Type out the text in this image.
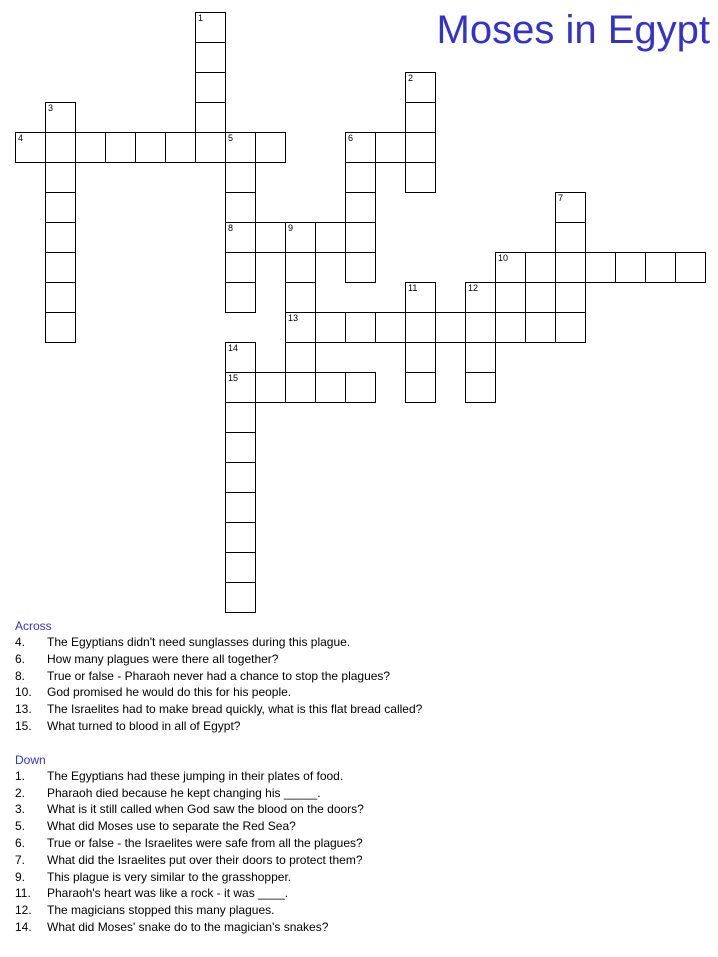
Moses in Egypt
1
2
3
4	5
8
6
7
9
13
10
11	12
14
15
Across
4. The Egyptians didn't need sunglasses during this plague.
6. How many plagues were there all together?
8. True or false - Pharaoh never had a chance to stop the plagues?
10. God promised he would do this for his people.
13. The Israelites had to make bread quickly, what is this flat bread called?
15. What turned to blood in all of Egypt?
Down
1. The Egyptians had these jumping in their plates of food.
2. Pharaoh died because he kept changing his _____.
3. What is it still called when God saw the blood on the doors?
5. What did Moses use to separate the Red Sea?
6. True or false - the Israelites were safe from all the plagues?
7. What did the Israelites put over their doors to protect them?
9. This plague is very similar to the grasshopper.
11. Pharaoh's heart was like a rock - it was ____.
12. The magicians stopped this many plagues.
14. What did Moses' snake do to the magician's snakes?
